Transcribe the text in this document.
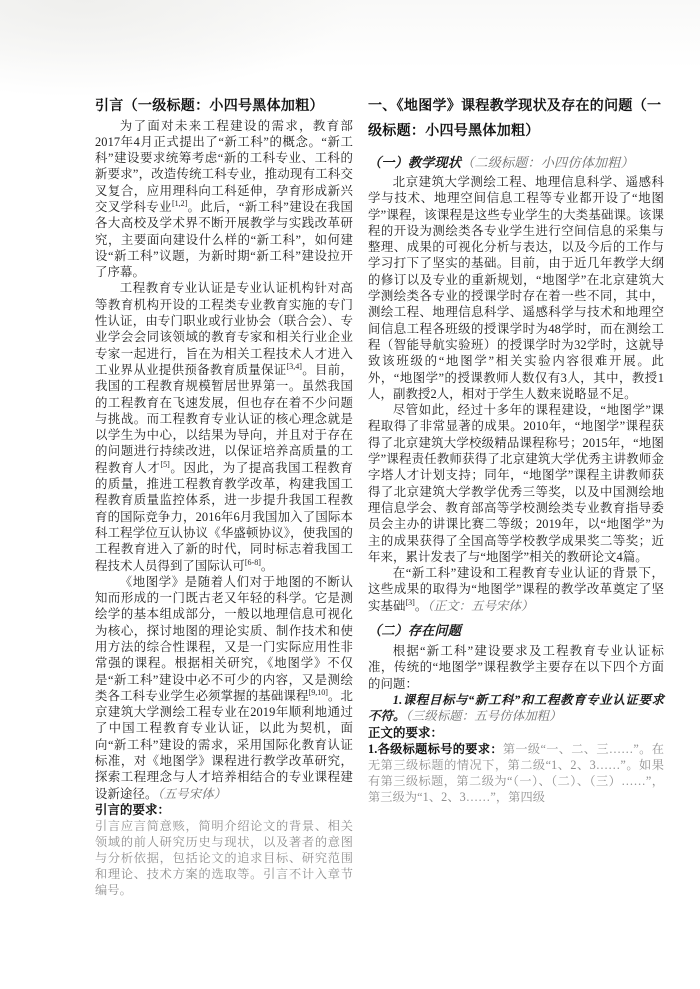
引言（一级标题：小四号黑体加粗）
为了面对未来工程建设的需求，教育部2017年4月正式提出了“新工科”的概念。“新工科”建设要求统筹考虑“新的工科专业、工科的新要求”，改造传统工科专业，推动现有工科交叉复合，应用理科向工科延伸，孕育形成新兴交叉学科专业[1,2]。此后，“新工科”建设在我国各大高校及学术界不断开展教学与实践改革研究，主要面向建设什么样的“新工科”，如何建设“新工科”议题，为新时期“新工科”建设拉开了序幕。
工程教育专业认证是专业认证机构针对高等教育机构开设的工程类专业教育实施的专门性认证，由专门职业或行业协会（联合会）、专业学会会同该领域的教育专家和相关行业企业专家一起进行，旨在为相关工程技术人才进入工业界从业提供预备教育质量保证[3,4]。目前，我国的工程教育规模暂居世界第一。虽然我国的工程教育在飞速发展，但也存在着不少问题与挑战。而工程教育专业认证的核心理念就是以学生为中心，以结果为导向，并且对于存在的问题进行持续改进，以保证培养高质量的工程教育人才[5]。因此，为了提高我国工程教育的质量，推进工程教育教学改革，构建我国工程教育质量监控体系，进一步提升我国工程教育的国际竞争力，2016年6月我国加入了国际本科工程学位互认协议《华盛顿协议》，使我国的工程教育进入了新的时代，同时标志着我国工程技术人员得到了国际认可[6-8]。
《地图学》是随着人们对于地图的不断认知而形成的一门既古老又年轻的科学。它是测绘学的基本组成部分，一般以地理信息可视化为核心，探讨地图的理论实质、制作技术和使用方法的综合性课程，又是一门实际应用性非常强的课程。根据相关研究，《地图学》不仅是“新工科”建设中必不可少的内容，又是测绘类各工科专业学生必须掌握的基础课程[9,10]。北京建筑大学测绘工程专业在2019年顺利地通过了中国工程教育专业认证，以此为契机，面向“新工科”建设的需求，采用国际化教育认证标准，对《地图学》课程进行教学改革研究，探索工程理念与人才培养相结合的专业课程建设新途径。（五号宋体）
引言的要求：
引言应言简意赅，简明介绍论文的背景、相关领域的前人研究历史与现状，以及著者的意图与分析依据，包括论文的追求目标、研究范围和理论、技术方案的选取等。引言不计入章节编号。
一、《地图学》课程教学现状及存在的问题（一级标题：小四号黑体加粗）
（一）教学现状（二级标题：小四仿体加粗）
北京建筑大学测绘工程、地理信息科学、遥感科学与技术、地理空间信息工程等专业都开设了“地图学”课程，该课程是这些专业学生的大类基础课。该课程的开设为测绘类各专业学生进行空间信息的采集与整理、成果的可视化分析与表达，以及今后的工作与学习打下了坚实的基础。目前，由于近几年教学大纲的修订以及专业的重新规划，“地图学”在北京建筑大学测绘类各专业的授课学时存在着一些不同，其中，测绘工程、地理信息科学、遥感科学与技术和地理空间信息工程各班级的授课学时为48学时，而在测绘工程（智能导航实验班）的授课学时为32学时，这就导致该班级的“地图学”相关实验内容很难开展。此外，“地图学”的授课教师人数仅有3人，其中，教授1人，副教授2人，相对于学生人数来说略显不足。
尽管如此，经过十多年的课程建设，“地图学”课程取得了非常显著的成果。2010年，“地图学”课程获得了北京建筑大学校级精品课程称号；2015年，“地图学”课程责任教师获得了北京建筑大学优秀主讲教师金字塔人才计划支持；同年，“地图学”课程主讲教师获得了北京建筑大学教学优秀三等奖，以及中国测绘地理信息学会、教育部高等学校测绘类专业教育指导委员会主办的讲课比赛二等级；2019年，以“地图学”为主的成果获得了全国高等学校教学成果奖二等奖；近年来，累计发表了与“地图学”相关的教研论文4篇。
在“新工科”建设和工程教育专业认证的背景下，这些成果的取得为“地图学”课程的教学改革奠定了坚实基础[3]。（正文：五号宋体）
（二）存在问题
根据“新工科”建设要求及工程教育专业认证标准，传统的“地图学”课程教学主要存在以下四个方面的问题：
1.课程目标与“新工科”和工程教育专业认证要求不符。（三级标题：五号仿体加粗）
正文的要求：
1.各级标题标号的要求：第一级“一、二、三……”。在无第三级标题的情况下，第二级“1、2、3……”。如果有第三级标题，第二级为“（一）、（二）、（三）……”，第三级为“1、2、3……”，第四级
